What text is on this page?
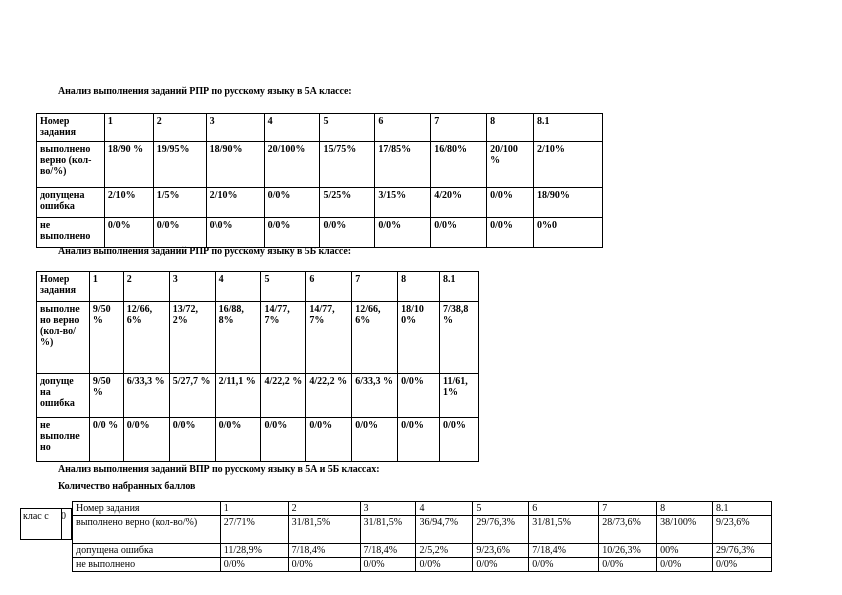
Анализ выполнения заданий РПР по русскому языку в 5А классе:
Номер задания	1	2	3	4	5	6	7	8	8.1
выполнено верно (кол-во/%)	18/90 %	19/95%	18/90%	20/100%	15/75%	17/85%	16/80%	20/100 %	2/10%
допущена ошибка	2/10%	1/5%	2/10%	0/0%	5/25%	3/15%	4/20%	0/0%	18/90%
не выполнено	0/0%	0/0%	0\0%	0/0%	0/0%	0/0%	0/0%	0/0%	0%0
Анализ выполнения заданий РПР по русскому языку в 5Б классе:
Номер задания	1	2	3	4	5	6	7	8	8.1
выполне но верно (кол-во/ %)	9/50 %	12/66, 6%	13/72, 2%	16/88, 8%	14/77, 7%	14/77, 7%	12/66, 6%	18/10 0%	7/38,8 %
допуще на ошибка	9/50 %	6/33,3 %	5/27,7 %	2/11,1 %	4/22,2 %	4/22,2 %	6/33,3 %	0/0%	11/61, 1%
не выполне но	0/0 %	0/0%	0/0%	0/0%	0/0%	0/0%	0/0%	0/0%	0/0%
Анализ выполнения заданий ВПР по русскому языку в 5А и 5Б классах:
Количество набранных баллов
клас с	0
Номер задания	1	2	3	4	5	6	7	8	8.1
выполнено верно (кол-во/%)	27/71%	31/81,5%	31/81,5%	36/94,7%	29/76,3%	31/81,5%	28/73,6%	38/100%	9/23,6%
допущена ошибка	11/28,9%	7/18,4%	7/18,4%	2/5,2%	9/23,6%	7/18,4%	10/26,3%	00%	29/76,3%
не выполнено	0/0%	0/0%	0/0%	0/0%	0/0%	0/0%	0/0%	0/0%	0/0%
